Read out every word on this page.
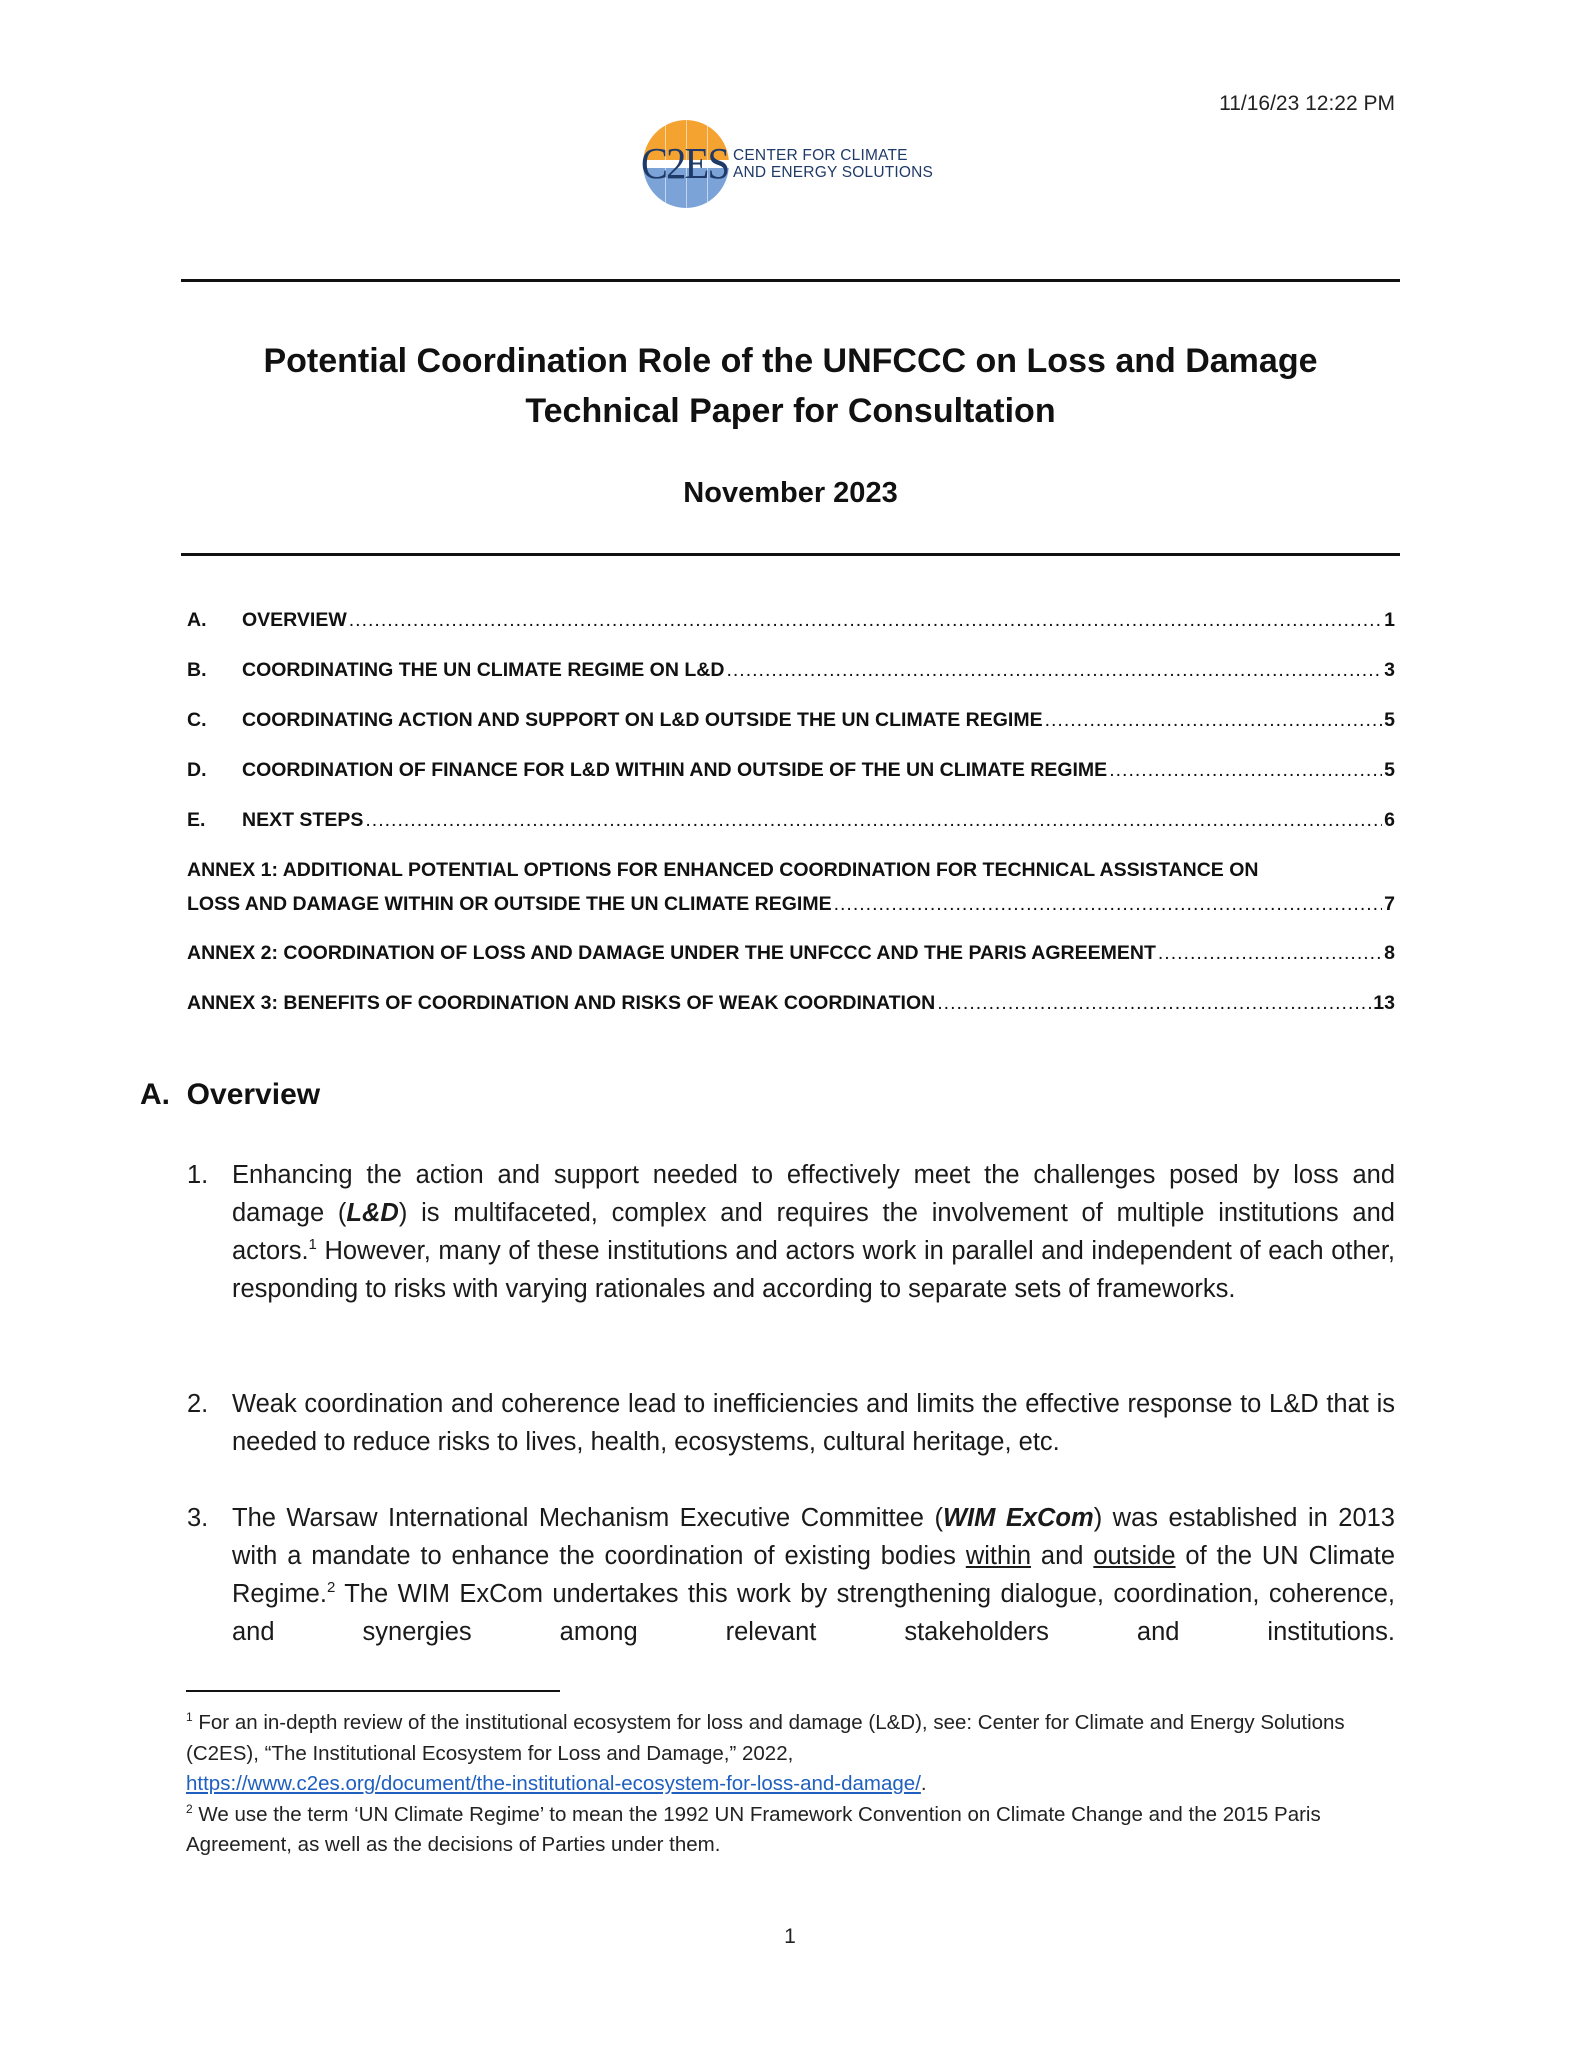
11/16/23 12:22 PM
C2ES CENTER FOR CLIMATE
AND ENERGY SOLUTIONS
Potential Coordination Role of the UNFCCC on Loss and Damage
Technical Paper for Consultation
November 2023
A.	OVERVIEW .....	1
B.	COORDINATING THE UN CLIMATE REGIME ON L&D .....	3
C.	COORDINATING ACTION AND SUPPORT ON L&D OUTSIDE THE UN CLIMATE REGIME .....	5
D.	COORDINATION OF FINANCE FOR L&D WITHIN AND OUTSIDE OF THE UN CLIMATE REGIME .....	5
E.	NEXT STEPS .....	6
ANNEX 1: ADDITIONAL POTENTIAL OPTIONS FOR ENHANCED COORDINATION FOR TECHNICAL ASSISTANCE ON
LOSS AND DAMAGE WITHIN OR OUTSIDE THE UN CLIMATE REGIME .....	7
ANNEX 2: COORDINATION OF LOSS AND DAMAGE UNDER THE UNFCCC AND THE PARIS AGREEMENT .....	8
ANNEX 3: BENEFITS OF COORDINATION AND RISKS OF WEAK COORDINATION .....	13
A.  Overview
1. Enhancing the action and support needed to effectively meet the challenges posed by loss and damage (L&D) is multifaceted, complex and requires the involvement of multiple institutions and actors.$^1$ However, many of these institutions and actors work in parallel and independent of each other, responding to risks with varying rationales and according to separate sets of frameworks.
2. Weak coordination and coherence lead to inefficiencies and limits the effective response to L&D that is needed to reduce risks to lives, health, ecosystems, cultural heritage, etc.
3. The Warsaw International Mechanism Executive Committee (WIM ExCom) was established in 2013 with a mandate to enhance the coordination of existing bodies within and outside of the UN Climate Regime.$^2$ The WIM ExCom undertakes this work by strengthening dialogue, coordination, coherence, and synergies among relevant stakeholders and institutions.
$^1$ For an in-depth review of the institutional ecosystem for loss and damage (L&D), see: Center for Climate and Energy Solutions (C2ES), “The Institutional Ecosystem for Loss and Damage,” 2022,
https://www.c2es.org/document/the-institutional-ecosystem-for-loss-and-damage/.
$^2$ We use the term ‘UN Climate Regime’ to mean the 1992 UN Framework Convention on Climate Change and the 2015 Paris Agreement, as well as the decisions of Parties under them.
1
